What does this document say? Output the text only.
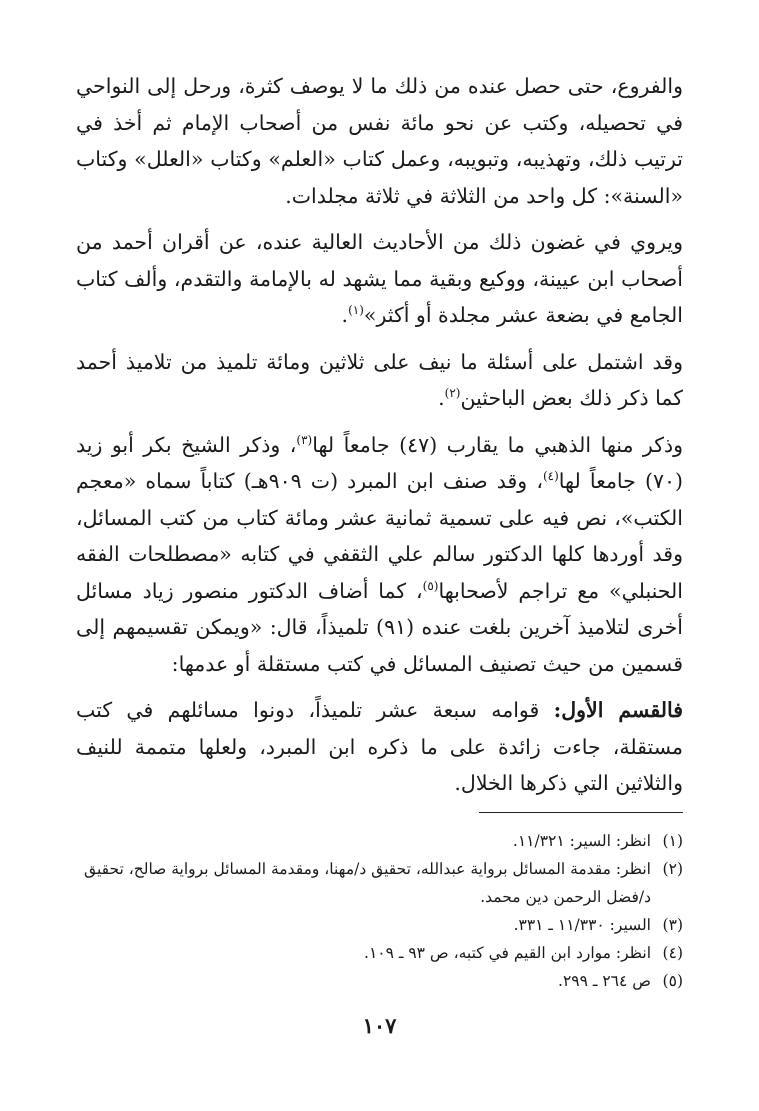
والفروع، حتى حصل عنده من ذلك ما لا يوصف كثرة، ورحل إلى النواحي في تحصيله، وكتب عن نحو مائة نفس من أصحاب الإمام ثم أخذ في ترتيب ذلك، وتهذيبه، وتبويبه، وعمل كتاب «العلم» وكتاب «العلل» وكتاب «السنة»: كل واحد من الثلاثة في ثلاثة مجلدات.

ويروي في غضون ذلك من الأحاديث العالية عنده، عن أقران أحمد من أصحاب ابن عيينة، ووكيع وبقية مما يشهد له بالإمامة والتقدم، وألف كتاب الجامع في بضعة عشر مجلدة أو أكثر»$^{(١)}$.

وقد اشتمل على أسئلة ما نيف على ثلاثين ومائة تلميذ من تلاميذ أحمد كما ذكر ذلك بعض الباحثين$^{(٢)}$.

وذكر منها الذهبي ما يقارب (٤٧) جامعاً لها$^{(٣)}$، وذكر الشيخ بكر أبو زيد (٧٠) جامعاً لها$^{(٤)}$، وقد صنف ابن المبرد (ت ٩٠٩هـ) كتاباً سماه «معجم الكتب»، نص فيه على تسمية ثمانية عشر ومائة كتاب من كتب المسائل، وقد أوردها كلها الدكتور سالم علي الثقفي في كتابه «مصطلحات الفقه الحنبلي» مع تراجم لأصحابها$^{(٥)}$، كما أضاف الدكتور منصور زياد مسائل أخرى لتلاميذ آخرين بلغت عنده (٩١) تلميذاً، قال: «ويمكن تقسيمهم إلى قسمين من حيث تصنيف المسائل في كتب مستقلة أو عدمها:

فالقسم الأول: قوامه سبعة عشر تلميذاً، دونوا مسائلهم في كتب مستقلة، جاءت زائدة على ما ذكره ابن المبرد، ولعلها متممة للنيف والثلاثين التي ذكرها الخلال.

(١)
انظر: السير: ١١/٣٢١.
(٢)
انظر: مقدمة المسائل برواية عبدالله، تحقيق د/مهنا، ومقدمة المسائل برواية صالح، تحقيق د/فضل الرحمن دين محمد.
(٣)
السير: ١١/٣٣٠ ـ ٣٣١.
(٤)
انظر: موارد ابن القيم في كتبه، ص ٩٣ ـ ١٠٩.
(٥)
ص ٢٦٤ ـ ٢٩٩.
١٠٧
